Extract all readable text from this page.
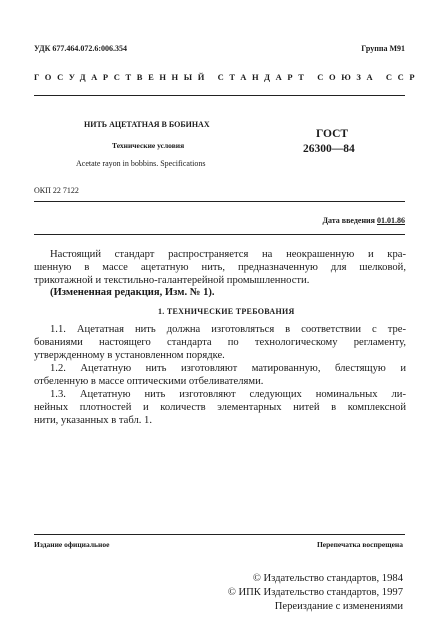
УДК 677.464.072.6:006.354	Группа М91
ГОСУДАРСТВЕННЫЙ СТАНДАРТ СОЮЗА ССР
НИТЬ АЦЕТАТНАЯ В БОБИНАХ
Технические условия
Acetate rayon in bobbins. Specifications
ГОСТ
26300—84
ОКП 22 7122
Дата введения 01.01.86
Настоящий стандарт распространяется на неокрашенную и кра-
шенную в массе ацетатную нить, предназначенную для шелковой,
трикотажной и текстильно-галантерейной промышленности.
(Измененная редакция, Изм. № 1).
1. ТЕХНИЧЕСКИЕ ТРЕБОВАНИЯ
1.1. Ацетатная нить должна изготовляться в соответствии с тре-
бованиями настоящего стандарта по технологическому регламенту,
утвержденному в установленном порядке.
1.2. Ацетатную нить изготовляют матированную, блестящую и
отбеленную в массе оптическими отбеливателями.
1.3. Ацетатную нить изготовляют следующих номинальных ли-
нейных плотностей и количеств элементарных нитей в комплексной
нити, указанных в табл. 1.
Издание официальное	Перепечатка воспрещена
© Издательство стандартов, 1984
© ИПК Издательство стандартов, 1997
Переиздание с изменениями
